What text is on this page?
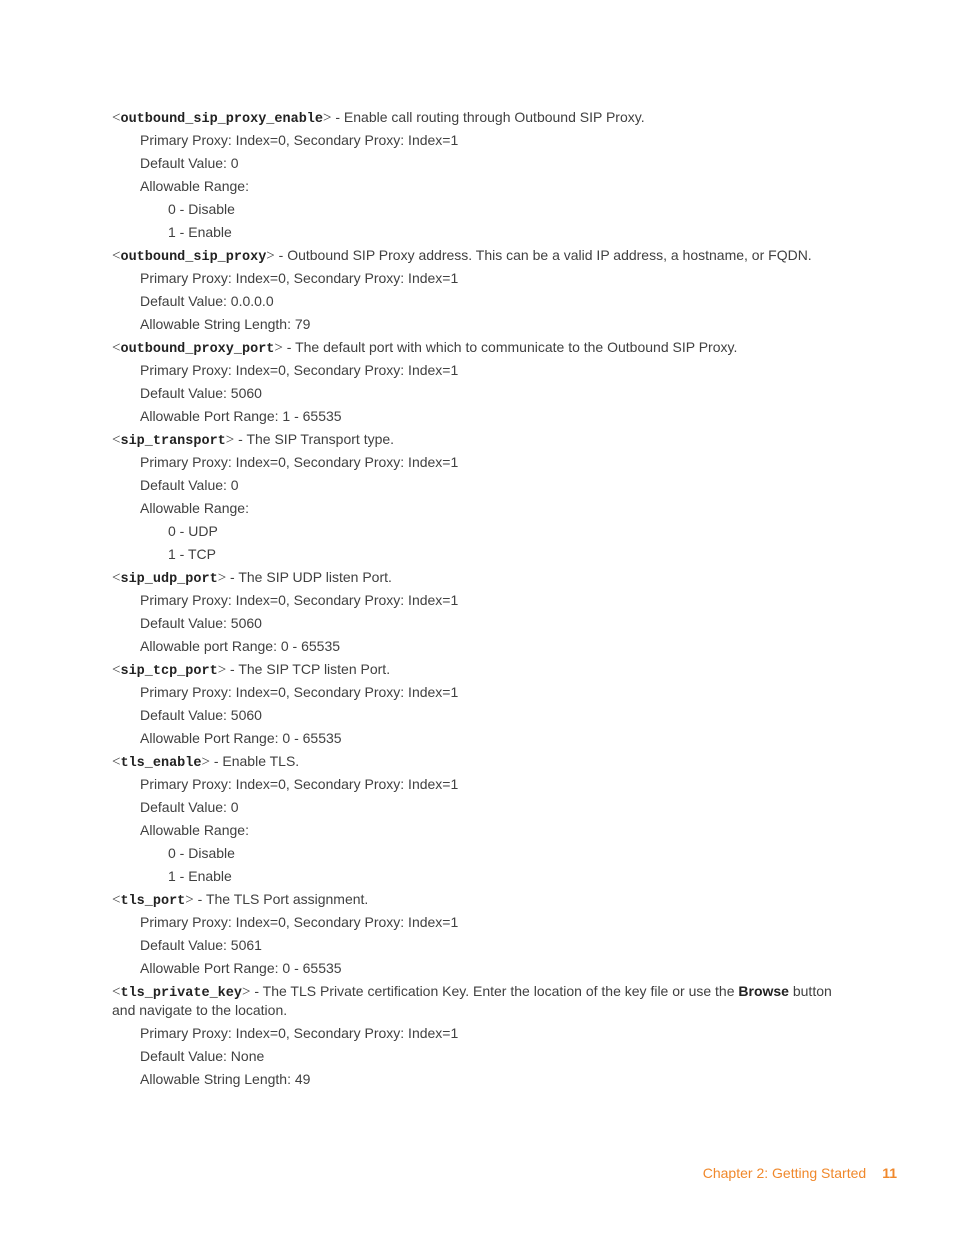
<outbound_sip_proxy_enable> - Enable call routing through Outbound SIP Proxy.
Primary Proxy: Index=0, Secondary Proxy: Index=1
Default Value: 0
Allowable Range:
0 - Disable
1 - Enable
<outbound_sip_proxy> - Outbound SIP Proxy address. This can be a valid IP address, a hostname, or FQDN.
Primary Proxy: Index=0, Secondary Proxy: Index=1
Default Value: 0.0.0.0
Allowable String Length: 79
<outbound_proxy_port> - The default port with which to communicate to the Outbound SIP Proxy.
Primary Proxy: Index=0, Secondary Proxy: Index=1
Default Value: 5060
Allowable Port Range: 1 - 65535
<sip_transport> - The SIP Transport type.
Primary Proxy: Index=0, Secondary Proxy: Index=1
Default Value: 0
Allowable Range:
0 - UDP
1 - TCP
<sip_udp_port> - The SIP UDP listen Port.
Primary Proxy: Index=0, Secondary Proxy: Index=1
Default Value: 5060
Allowable port Range: 0 - 65535
<sip_tcp_port> - The SIP TCP listen Port.
Primary Proxy: Index=0, Secondary Proxy: Index=1
Default Value: 5060
Allowable Port Range: 0 - 65535
<tls_enable> - Enable TLS.
Primary Proxy: Index=0, Secondary Proxy: Index=1
Default Value: 0
Allowable Range:
0 - Disable
1 - Enable
<tls_port> - The TLS Port assignment.
Primary Proxy: Index=0, Secondary Proxy: Index=1
Default Value: 5061
Allowable Port Range: 0 - 65535
<tls_private_key> - The TLS Private certification Key. Enter the location of the key file or use the Browse button and navigate to the location.
Primary Proxy: Index=0, Secondary Proxy: Index=1
Default Value: None
Allowable String Length: 49
Chapter 2: Getting Started 11
